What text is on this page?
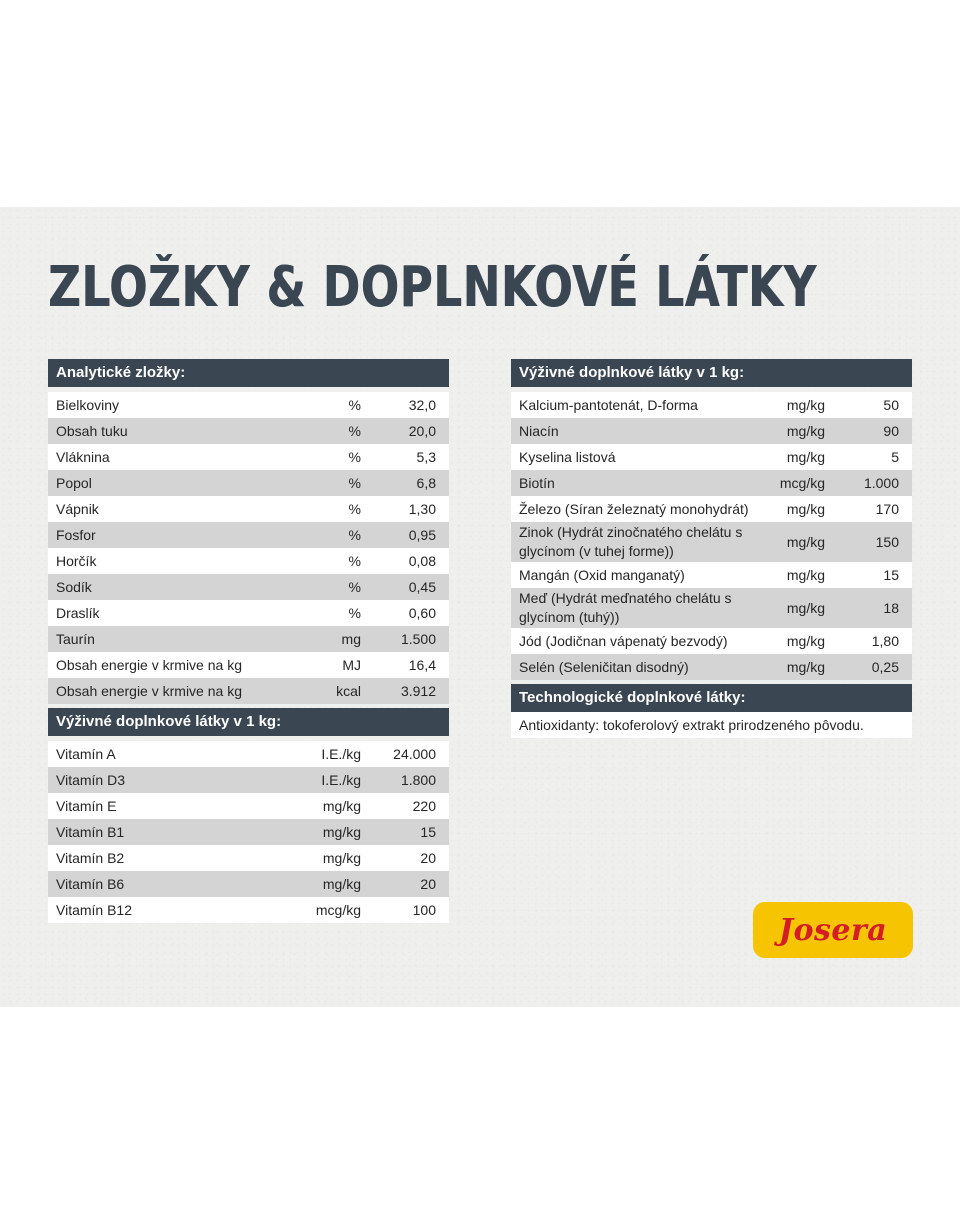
ZLOŽKY & DOPLNKOVÉ LÁTKY
Analytické zložky:
Bielkoviny	%	32,0
Obsah tuku	%	20,0
Vláknina	%	5,3
Popol	%	6,8
Vápnik	%	1,30
Fosfor	%	0,95
Horčík	%	0,08
Sodík	%	0,45
Draslík	%	0,60
Taurín	mg	1.500
Obsah energie v krmive na kg	MJ	16,4
Obsah energie v krmive na kg	kcal	3.912
Výživné doplnkové látky v 1 kg:
Vitamín A	I.E./kg 24.000
Vitamín D3	I.E./kg	1.800
Vitamín E	mg/kg	220
Vitamín B1	mg/kg	15
Vitamín B2	mg/kg	20
Vitamín B6	mg/kg	20
Vitamín B12	mcg/kg	100
Výživné doplnkové látky v 1 kg:
Kalcium-pantotenát, D-forma	mg/kg	50
Niacín	mg/kg	90
Kyselina listová	mg/kg	5
Biotín	mcg/kg	1.000
Železo (Síran železnatý monohydrát)	mg/kg	170
Zinok (Hydrát zinočnatého chelátu s
glycínom (v tuhej forme))
mg/kg	150
Mangán (Oxid manganatý)	mg/kg	15
Meď (Hydrát meďnatého chelátu s
glycínom (tuhý))
mg/kg	18
Jód (Jodičnan vápenatý bezvodý)	mg/kg	1,80
Selén (Seleničitan disodný)	mg/kg	0,25
Technologické doplnkové látky:
Antioxidanty: tokoferolový extrakt prirodzeného pôvodu.
Josera
